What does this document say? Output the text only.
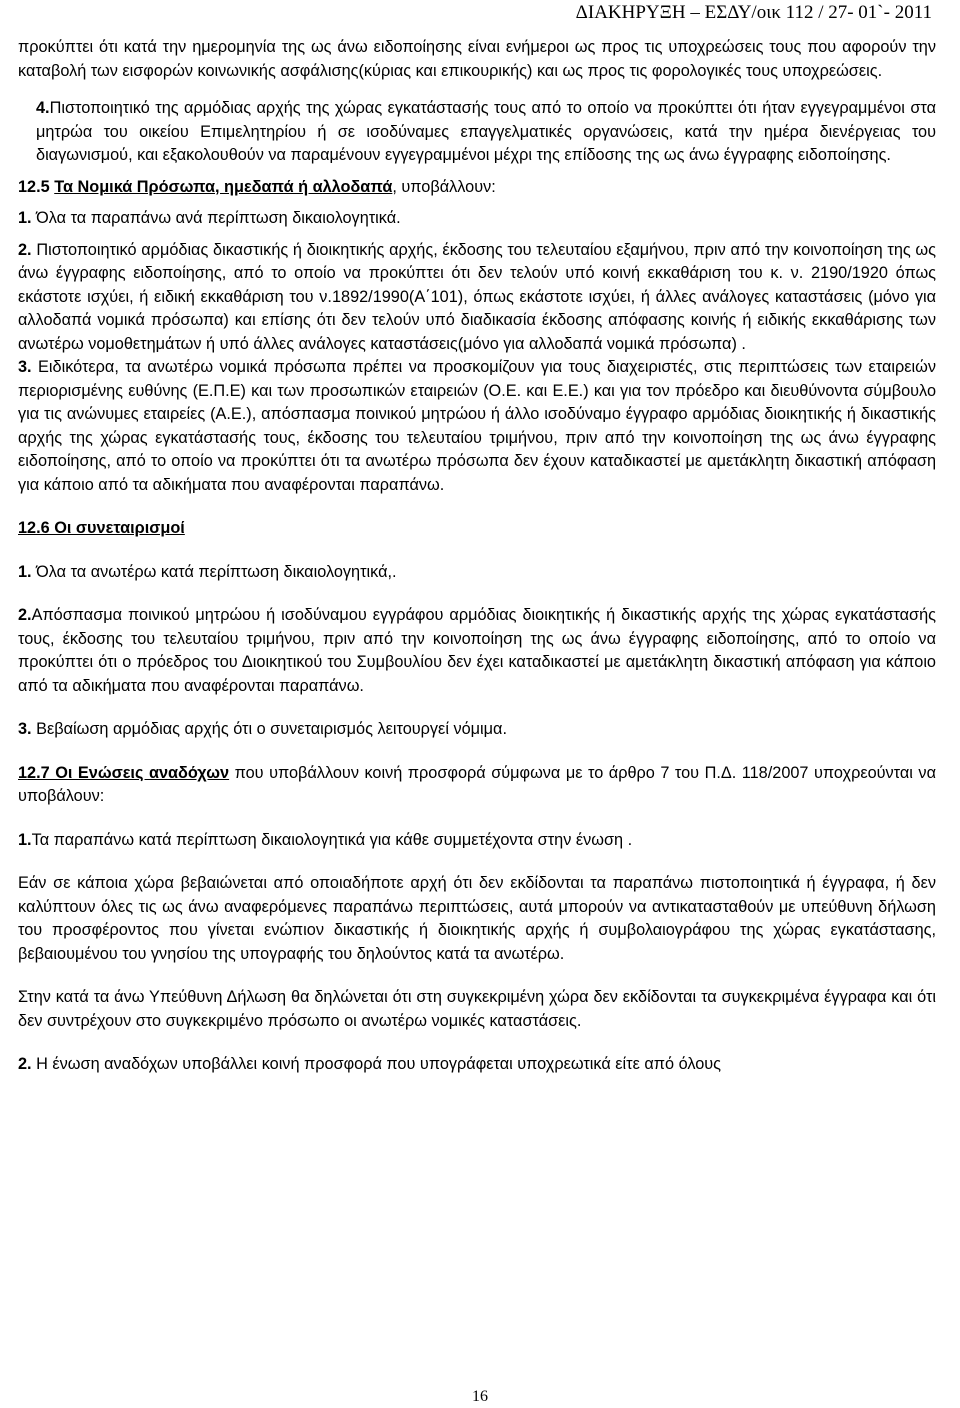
ΔΙΑΚΗΡΥΞΗ – ΕΣΔΥ/οικ 112 / 27- 01`- 2011

προκύπτει ότι κατά την ημερομηνία της ως άνω ειδοποίησης είναι ενήμεροι ως προς τις υποχρεώσεις τους που αφορούν την καταβολή των εισφορών κοινωνικής ασφάλισης(κύριας και επικουρικής) και ως προς τις φορολογικές τους υποχρεώσεις.

4.Πιστοποιητικό της αρμόδιας αρχής της χώρας εγκατάστασής τους από το οποίο να προκύπτει ότι ήταν εγγεγραμμένοι στα μητρώα του οικείου Επιμελητηρίου ή σε ισοδύναμες επαγγελματικές οργανώσεις, κατά την ημέρα διενέργειας του διαγωνισμού, και εξακολουθούν να παραμένουν εγγεγραμμένοι μέχρι της επίδοσης της ως άνω έγγραφης ειδοποίησης.

12.5 Τα Νομικά Πρόσωπα, ημεδαπά ή αλλοδαπά, υποβάλλουν:

1. Όλα τα παραπάνω ανά περίπτωση δικαιολογητικά.

2. Πιστοποιητικό αρμόδιας δικαστικής ή διοικητικής αρχής, έκδοσης του τελευταίου εξαμήνου, πριν από την κοινοποίηση της ως άνω έγγραφης ειδοποίησης, από το οποίο να προκύπτει ότι δεν τελούν υπό κοινή εκκαθάριση του κ. ν. 2190/1920 όπως εκάστοτε ισχύει, ή ειδική εκκαθάριση του ν.1892/1990(Α΄101), όπως εκάστοτε ισχύει, ή άλλες ανάλογες καταστάσεις (μόνο για αλλοδαπά νομικά πρόσωπα) και επίσης ότι δεν τελούν υπό διαδικασία έκδοσης απόφασης κοινής ή ειδικής εκκαθάρισης των ανωτέρω νομοθετημάτων ή υπό άλλες ανάλογες καταστάσεις(μόνο για αλλοδαπά νομικά πρόσωπα) .

3. Ειδικότερα, τα ανωτέρω νομικά πρόσωπα πρέπει να προσκομίζουν για τους διαχειριστές, στις περιπτώσεις των εταιρειών περιορισμένης ευθύνης (Ε.Π.Ε) και των προσωπικών εταιρειών (Ο.Ε. και Ε.Ε.) και για τον πρόεδρο και διευθύνοντα σύμβουλο για τις ανώνυμες εταιρείες (Α.Ε.), απόσπασμα ποινικού μητρώου ή άλλο ισοδύναμο έγγραφο αρμόδιας διοικητικής ή δικαστικής αρχής της χώρας εγκατάστασής τους, έκδοσης του τελευταίου τριμήνου, πριν από την κοινοποίηση της ως άνω έγγραφης ειδοποίησης, από το οποίο να προκύπτει ότι τα ανωτέρω πρόσωπα δεν έχουν καταδικαστεί με αμετάκλητη δικαστική απόφαση για κάποιο από τα αδικήματα που αναφέρονται παραπάνω.

12.6 Οι συνεταιρισμοί

1. Όλα τα ανωτέρω κατά περίπτωση δικαιολογητικά,.

2.Απόσπασμα ποινικού μητρώου ή ισοδύναμου εγγράφου αρμόδιας διοικητικής ή δικαστικής αρχής της χώρας εγκατάστασής τους, έκδοσης του τελευταίου τριμήνου, πριν από την κοινοποίηση της ως άνω έγγραφης ειδοποίησης, από το οποίο να προκύπτει ότι ο πρόεδρος του Διοικητικού του Συμβουλίου δεν έχει καταδικαστεί με αμετάκλητη δικαστική απόφαση για κάποιο από τα αδικήματα που αναφέρονται παραπάνω.

3. Βεβαίωση αρμόδιας αρχής ότι ο συνεταιρισμός λειτουργεί νόμιμα.

12.7 Οι Ενώσεις αναδόχων που υποβάλλουν κοινή προσφορά σύμφωνα με το άρθρο 7 του Π.Δ. 118/2007 υποχρεούνται να υποβάλουν:

1.Τα παραπάνω κατά περίπτωση δικαιολογητικά για κάθε συμμετέχοντα στην ένωση .

Εάν σε κάποια χώρα βεβαιώνεται από οποιαδήποτε αρχή ότι δεν εκδίδονται τα παραπάνω πιστοποιητικά ή έγγραφα, ή δεν καλύπτουν όλες τις ως άνω αναφερόμενες παραπάνω περιπτώσεις, αυτά μπορούν να αντικατασταθούν με υπεύθυνη δήλωση του προσφέροντος που γίνεται ενώπιον δικαστικής ή διοικητικής αρχής ή συμβολαιογράφου της χώρας εγκατάστασης, βεβαιουμένου του γνησίου της υπογραφής του δηλούντος κατά τα ανωτέρω.

Στην κατά τα άνω Υπεύθυνη Δήλωση θα δηλώνεται ότι στη συγκεκριμένη χώρα δεν εκδίδονται τα συγκεκριμένα έγγραφα και ότι δεν συντρέχουν στο συγκεκριμένο πρόσωπο οι ανωτέρω νομικές καταστάσεις.

2. Η ένωση αναδόχων υποβάλλει κοινή προσφορά που υπογράφεται υποχρεωτικά είτε από όλους

16
